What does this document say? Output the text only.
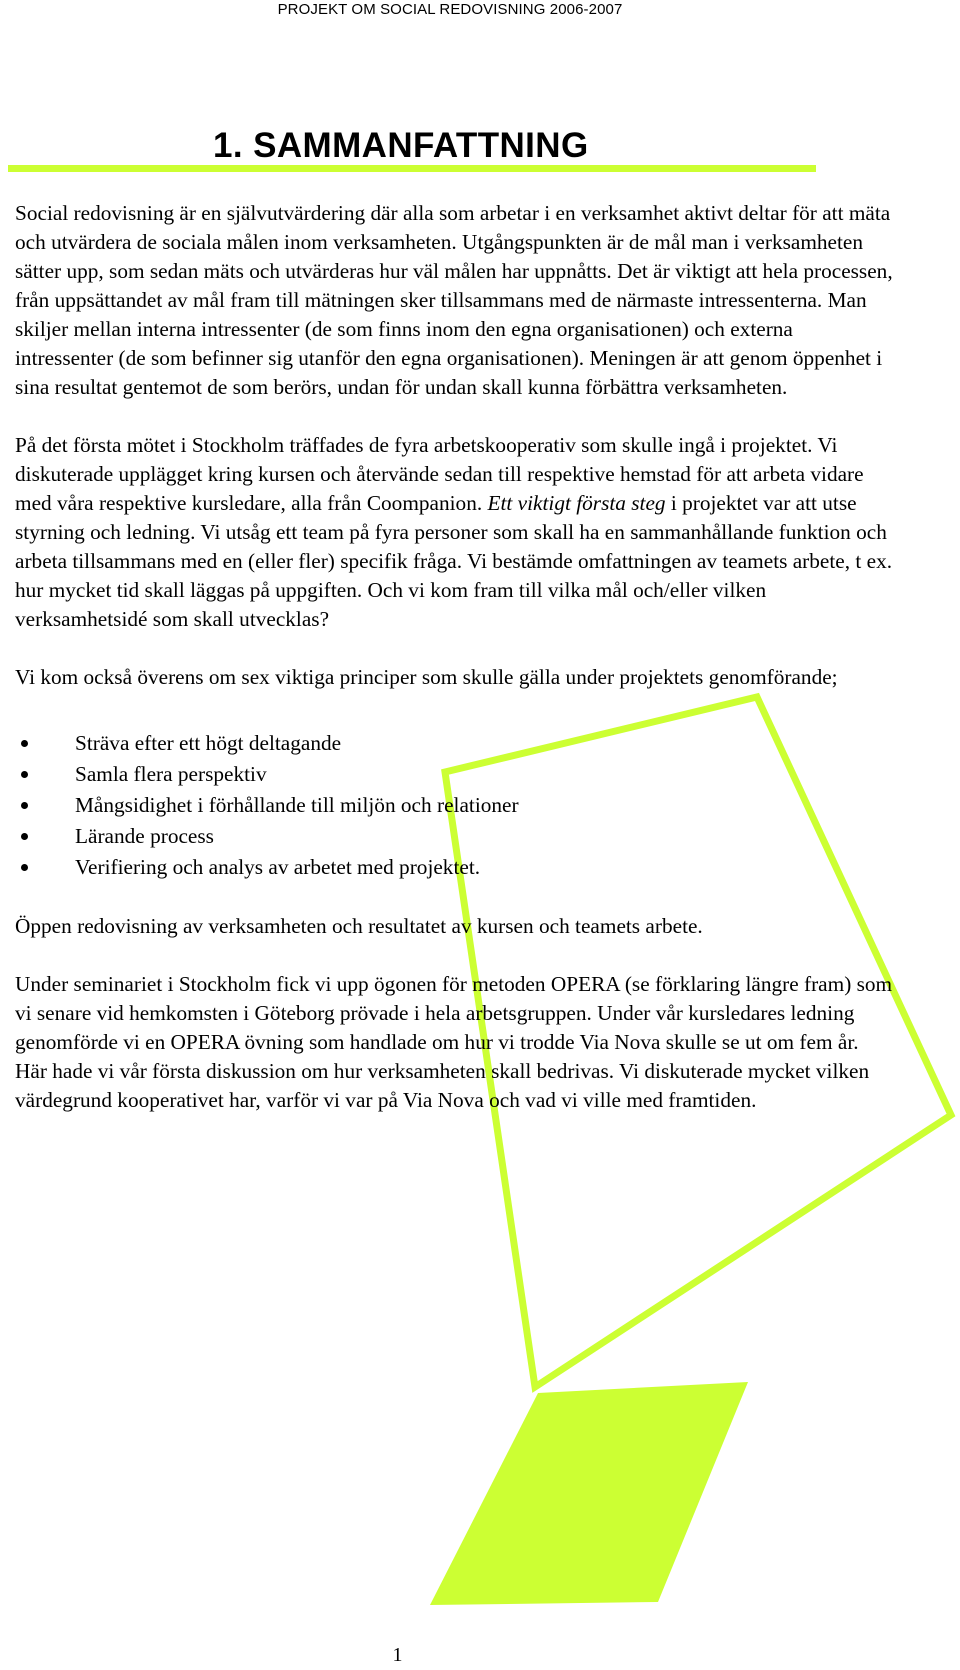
PROJEKT OM SOCIAL REDOVISNING 2006-2007
1. SAMMANFATTNING

Social redovisning är en självutvärdering där alla som arbetar i en verksamhet aktivt deltar för att mäta och utvärdera de sociala målen inom verksamheten. Utgångspunkten är de mål man i verksamheten sätter upp, som sedan mäts och utvärderas hur väl målen har uppnåtts. Det är viktigt att hela processen, från uppsättandet av mål fram till mätningen sker tillsammans med de närmaste intressenterna. Man skiljer mellan interna intressenter (de som finns inom den egna organisationen) och externa intressenter (de som befinner sig utanför den egna organisationen). Meningen är att genom öppenhet i sina resultat gentemot de som berörs, undan för undan skall kunna förbättra verksamheten.

På det första mötet i Stockholm träffades de fyra arbetskooperativ som skulle ingå i projektet. Vi diskuterade upplägget kring kursen och återvände sedan till respektive hemstad för att arbeta vidare med våra respektive kursledare, alla från Coompanion. Ett viktigt första steg i projektet var att utse styrning och ledning. Vi utsåg ett team på fyra personer som skall ha en sammanhållande funktion och arbeta tillsammans med en (eller fler) specifik fråga. Vi bestämde omfattningen av teamets arbete, t ex. hur mycket tid skall läggas på uppgiften. Och vi kom fram till vilka mål och/eller vilken verksamhetsidé som skall utvecklas?

Vi kom också överens om sex viktiga principer som skulle gälla under projektets genomförande;

Sträva efter ett högt deltagande
Samla flera perspektiv
Mångsidighet i förhållande till miljön och relationer
Lärande process
Verifiering och analys av arbetet med projektet.

Öppen redovisning av verksamheten och resultatet av kursen och teamets arbete.

Under seminariet i Stockholm fick vi upp ögonen för metoden OPERA (se förklaring längre fram) som vi senare vid hemkomsten i Göteborg prövade i hela arbetsgruppen. Under vår kursledares ledning genomförde vi en OPERA övning som handlade om hur vi trodde Via Nova skulle se ut om fem år. Här hade vi vår första diskussion om hur verksamheten skall bedrivas. Vi diskuterade mycket vilken värdegrund kooperativet har, varför vi var på Via Nova och vad vi ville med framtiden.

1
